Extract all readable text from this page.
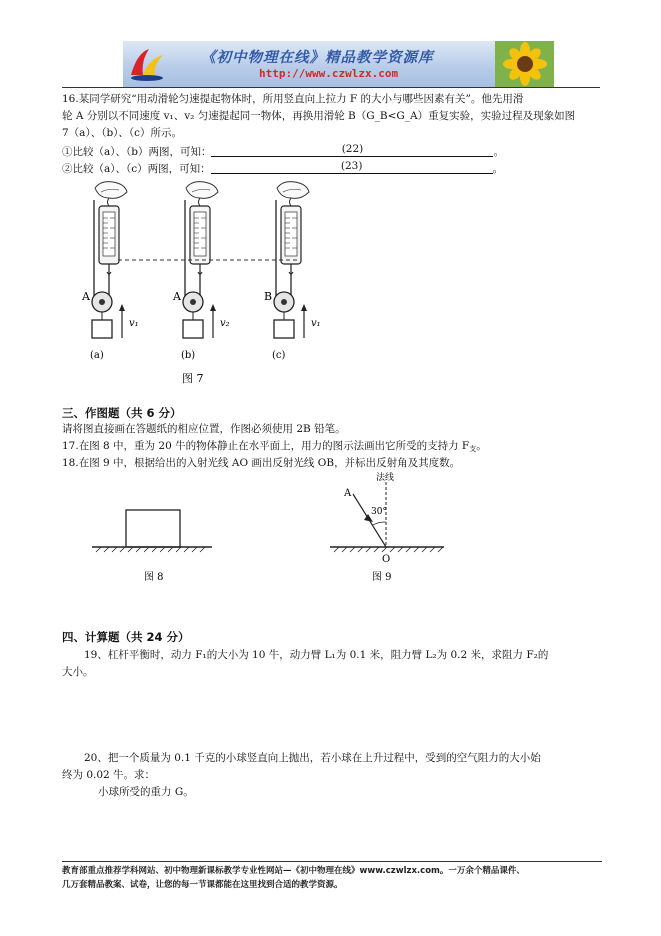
《初中物理在线》精品教学资源库
http://www.czwlzx.com
16.某同学研究“用动滑轮匀速提起物体时，所用竖直向上拉力 F 的大小与哪些因素有关”。他先用滑
轮 A 分别以不同速度 v₁、v₂ 匀速提起同一物体，再换用滑轮 B（G_B<G_A）重复实验，实验过程及现象如图
7（a）、（b）、（c）所示。
①比较（a）、（b）两图，可知：	(22)	。
②比较（a）、（c）两图，可知：	(23)	。
A
v₁
(a)
A
v₂
(b)
B
v₁
(c)
图 7
三、作图题（共 6 分）
请将图直接画在答题纸的相应位置，作图必须使用 2B 铅笔。
17.在图 8 中，重为 20 牛的物体静止在水平面上，用力的图示法画出它所受的支持力 $F_支$。
18.在图 9 中，根据给出的入射光线 AO 画出反射光线 OB，并标出反射角及其度数。
图 8
30°
法线
A
O
图 9
四、计算题（共 24 分）
19、杠杆平衡时，动力 F₁的大小为 10 牛，动力臂 L₁为 0.1 米，阻力臂 L₂为 0.2 米，求阻力 F₂的
大小。
20、把一个质量为 0.1 千克的小球竖直向上抛出，若小球在上升过程中，受到的空气阻力的大小始
终为 0.02 牛。求：
小球所受的重力 G。
教育部重点推荐学科网站、初中物理新课标教学专业性网站—《初中物理在线》www.czwlzx.com。一万余个精品课件、
几万套精品教案、试卷，让您的每一节课都能在这里找到合适的教学资源。
